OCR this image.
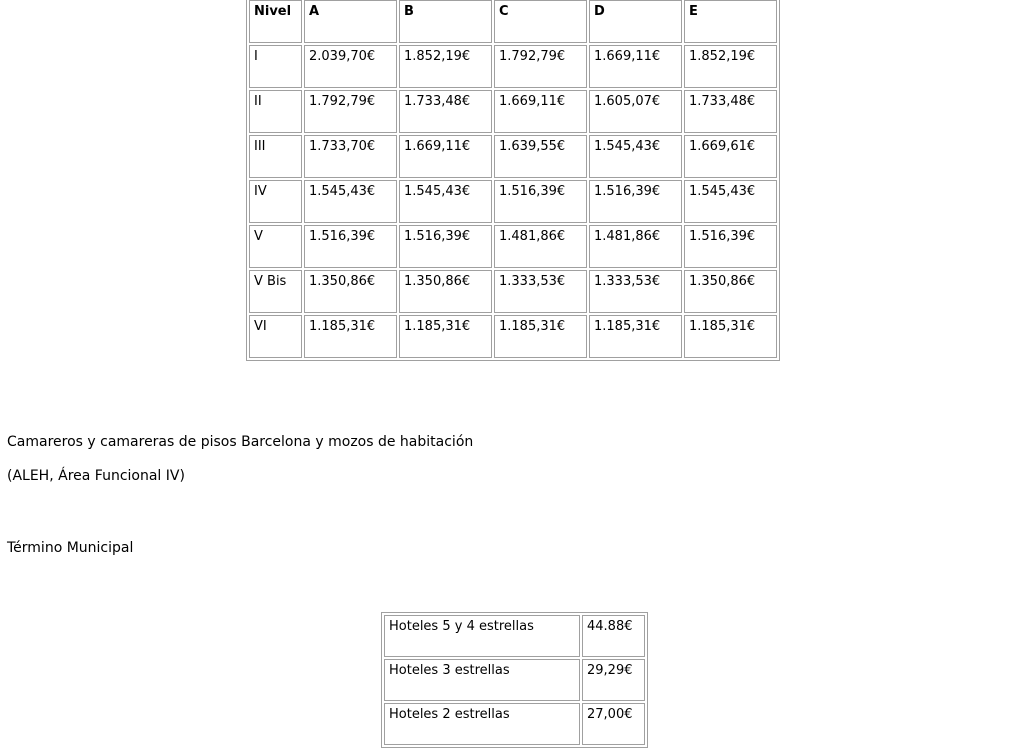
Nivel	A	B	C	D	E
I	2.039,70€	1.852,19€	1.792,79€	1.669,11€	1.852,19€
II	1.792,79€	1.733,48€	1.669,11€	1.605,07€	1.733,48€
III	1.733,70€	1.669,11€	1.639,55€	1.545,43€	1.669,61€
IV	1.545,43€	1.545,43€	1.516,39€	1.516,39€	1.545,43€
V	1.516,39€	1.516,39€	1.481,86€	1.481,86€	1.516,39€
V Bis	1.350,86€	1.350,86€	1.333,53€	1.333,53€	1.350,86€
VI	1.185,31€	1.185,31€	1.185,31€	1.185,31€	1.185,31€
Camareros y camareras de pisos Barcelona y mozos de habitación
(ALEH, Área Funcional IV)
Término Municipal
Hoteles 5 y 4 estrellas	44.88€
Hoteles 3 estrellas	29,29€
Hoteles 2 estrellas	27,00€
